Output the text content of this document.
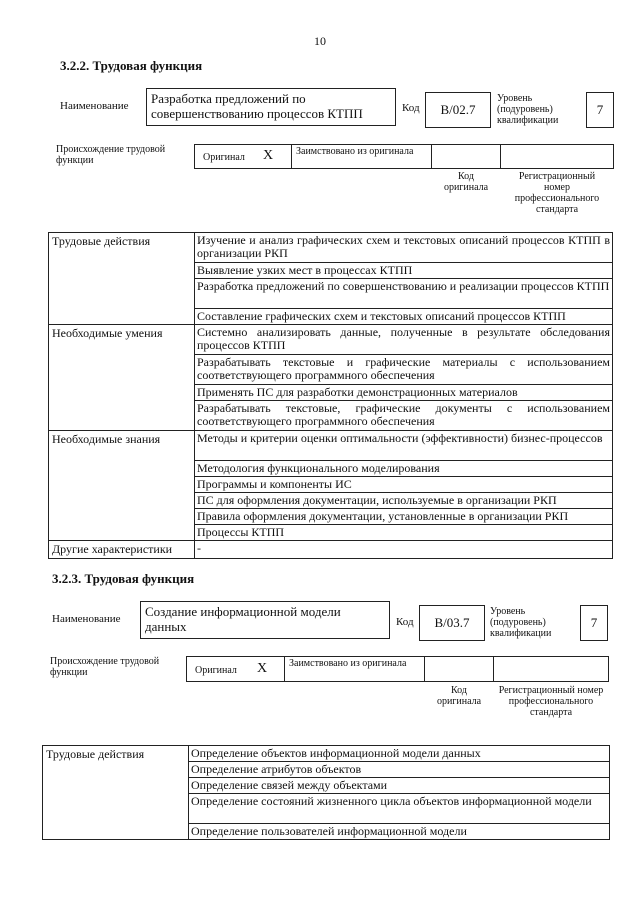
10
3.2.2. Трудовая функция
Наименование	Разработка предложений по совершенствованию процессов КТПП	Код В/02.7
Уровень (подуровень) квалификации
7
Происхождение трудовой функции	Оригинал X Заимствовано из оригинала
Код оригинала
Регистрационный номер профессионального стандарта
Трудовые действия	Изучение и анализ графических схем и текстовых описаний процессов КТПП в организации РКП
	Выявление узких мест в процессах КТПП
	Разработка предложений по совершенствованию и реализации процессов КТПП
	Составление графических схем и текстовых описаний процессов КТПП
Необходимые умения	Системно анализировать данные, полученные в результате обследования процессов КТПП
	Разрабатывать текстовые и графические материалы с использованием соответствующего программного обеспечения
	Применять ПС для разработки демонстрационных материалов
	Разрабатывать текстовые, графические документы с использованием соответствующего программного обеспечения
Необходимые знания	Методы и критерии оценки оптимальности (эффективности) бизнес-процессов
	Методология функционального моделирования
	Программы и компоненты ИС
	ПС для оформления документации, используемые в организации РКП
	Правила оформления документации, установленные в организации РКП
	Процессы КТПП
Другие характеристики	-
3.2.3. Трудовая функция
Наименование	Создание информационной модели данных	Код В/03.7
Уровень (подуровень) квалификации
7
Происхождение трудовой функции	Оригинал X Заимствовано из оригинала
Код оригинала
Регистрационный номер профессионального стандарта
Трудовые действия	Определение объектов информационной модели данных
Определение атрибутов объектов
Определение связей между объектами
Определение состояний жизненного цикла объектов информационной модели
Определение пользователей информационной модели
